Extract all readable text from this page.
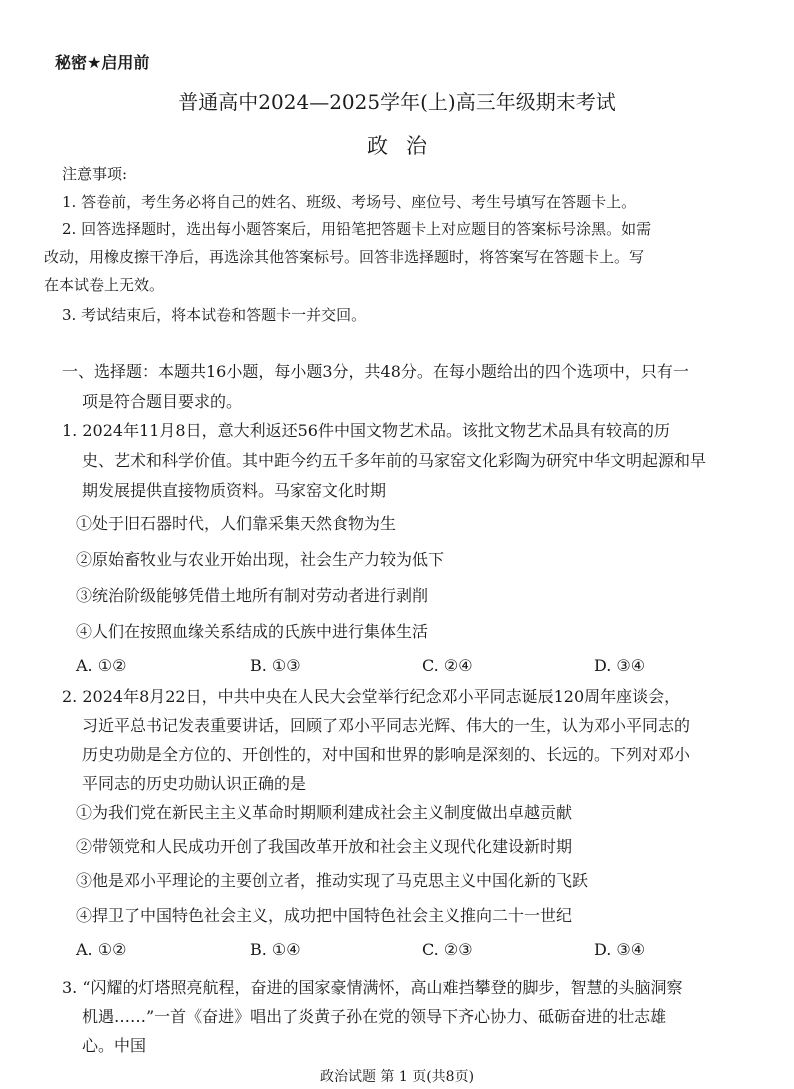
秘密★启用前
普通高中2024—2025学年(上)高三年级期末考试
政治
注意事项:
1. 答卷前，考生务必将自己的姓名、班级、考场号、座位号、考生号填写在答题卡上。
2. 回答选择题时，选出每小题答案后，用铅笔把答题卡上对应题目的答案标号涂黑。如需
改动，用橡皮擦干净后，再选涂其他答案标号。回答非选择题时，将答案写在答题卡上。写
在本试卷上无效。
3. 考试结束后，将本试卷和答题卡一并交回。
一、选择题：本题共16小题，每小题3分，共48分。在每小题给出的四个选项中，只有一
项是符合题目要求的。
1. 2024年11月8日，意大利返还56件中国文物艺术品。该批文物艺术品具有较高的历
史、艺术和科学价值。其中距今约五千多年前的马家窑文化彩陶为研究中华文明起源和早
期发展提供直接物质资料。马家窑文化时期
①处于旧石器时代，人们靠采集天然食物为生
②原始畜牧业与农业开始出现，社会生产力较为低下
③统治阶级能够凭借土地所有制对劳动者进行剥削
④人们在按照血缘关系结成的氏族中进行集体生活
A. ①②	B. ①③	C. ②④	D. ③④
2. 2024年8月22日，中共中央在人民大会堂举行纪念邓小平同志诞辰120周年座谈会，
习近平总书记发表重要讲话，回顾了邓小平同志光辉、伟大的一生，认为邓小平同志的
历史功勋是全方位的、开创性的，对中国和世界的影响是深刻的、长远的。下列对邓小
平同志的历史功勋认识正确的是
①为我们党在新民主主义革命时期顺利建成社会主义制度做出卓越贡献
②带领党和人民成功开创了我国改革开放和社会主义现代化建设新时期
③他是邓小平理论的主要创立者，推动实现了马克思主义中国化新的飞跃
④捍卫了中国特色社会主义，成功把中国特色社会主义推向二十一世纪
A. ①②	B. ①④	C. ②③	D. ③④
3. “闪耀的灯塔照亮航程，奋进的国家豪情满怀，高山难挡攀登的脚步，智慧的头脑洞察
机遇……”一首《奋进》唱出了炎黄子孙在党的领导下齐心协力、砥砺奋进的壮志雄
心。中国
政治试题 第 1 页(共8页)
